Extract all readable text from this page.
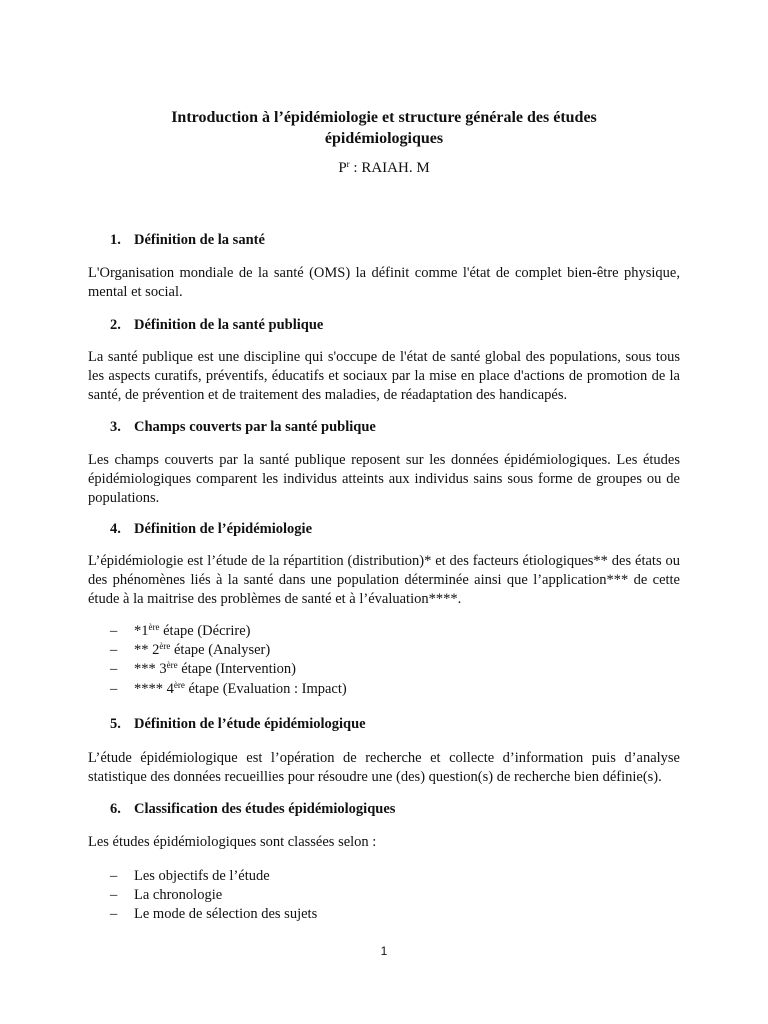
Introduction à l’épidémiologie et structure générale des études
épidémiologiques
$P^r$ : RAIAH. M
1. Définition de la santé
L'Organisation mondiale de la santé (OMS) la définit comme l'état de complet bien-être physique, mental et social.
2. Définition de la santé publique
La santé publique est une discipline qui s'occupe de l'état de santé global des populations, sous tous les aspects curatifs, préventifs, éducatifs et sociaux par la mise en place d'actions de promotion de la santé, de prévention et de traitement des maladies, de réadaptation des handicapés.
3. Champs couverts par la santé publique
Les champs couverts par la santé publique reposent sur les données épidémiologiques. Les études épidémiologiques comparent les individus atteints aux individus sains sous forme de groupes ou de populations.
4. Définition de l’épidémiologie
L’épidémiologie est l’étude de la répartition (distribution)* et des facteurs étiologiques** des états ou des phénomènes liés à la santé dans une population déterminée ainsi que l’application*** de cette étude à la maitrise des problèmes de santé et à l’évaluation****.
– *1ère étape (Décrire)
– ** 2ère étape (Analyser)
– *** 3ère étape (Intervention)
– **** 4ère étape (Evaluation : Impact)
5. Définition de l’étude épidémiologique
L’étude épidémiologique est l’opération de recherche et collecte d’information puis d’analyse statistique des données recueillies pour résoudre une (des) question(s) de recherche bien définie(s).
6. Classification des études épidémiologiques
Les études épidémiologiques sont classées selon :
– Les objectifs de l’étude
– La chronologie
– Le mode de sélection des sujets
1
